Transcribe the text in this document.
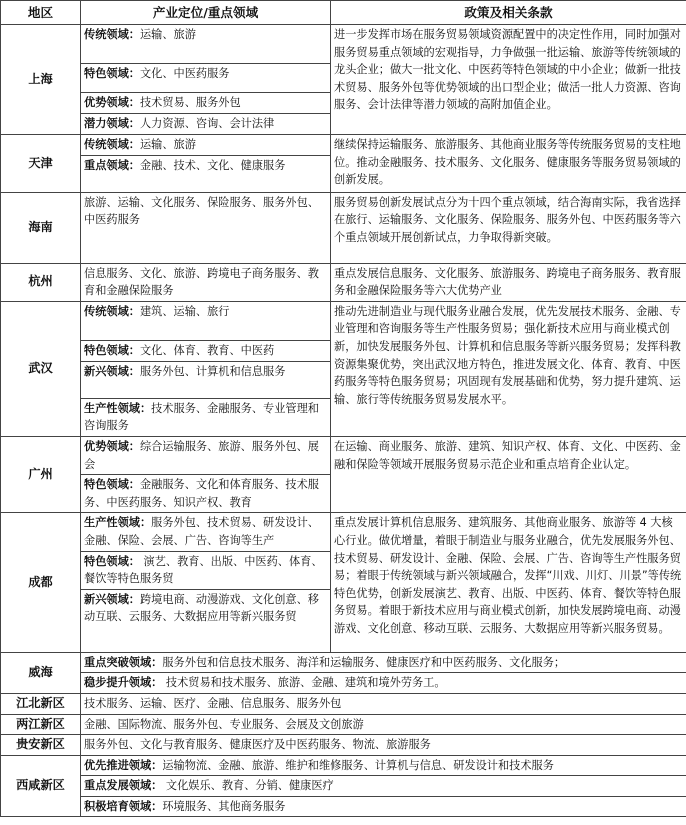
地区	产业定位/重点领域	政策及相关条款
上海	传统领域：运输、旅游	进一步发挥市场在服务贸易领域资源配置中的决定性作用，同时加强对服务贸易重点领域的宏观指导，力争做强一批运输、旅游等传统领域的龙头企业；做大一批文化、中医药等特色领域的中小企业；做新一批技术贸易、服务外包等优势领域的出口型企业；做活一批人力资源、咨询服务、会计法律等潜力领域的高附加值企业。
	特色领域：文化、中医药服务	
	优势领域：技术贸易、服务外包	
	潜力领域：人力资源、咨询、会计法律	
天津	传统领域：运输、旅游	继续保持运输服务、旅游服务、其他商业服务等传统服务贸易的支柱地位。推动金融服务、技术服务、文化服务、健康服务等服务贸易领域的创新发展。
	重点领域：金融、技术、文化、健康服务	
海南	旅游、运输、文化服务、保险服务、服务外包、中医药服务	服务贸易创新发展试点分为十四个重点领域，结合海南实际，我省选择在旅行、运输服务、文化服务、保险服务、服务外包、中医药服务等六个重点领域开展创新试点，力争取得新突破。
杭州	信息服务、文化、旅游、跨境电子商务服务、教育和金融保险服务	重点发展信息服务、文化服务、旅游服务、跨境电子商务服务、教育服务和金融保险服务等六大优势产业
武汉	传统领域：建筑、运输、旅行	推动先进制造业与现代服务业融合发展，优先发展技术服务、金融、专业管理和咨询服务等生产性服务贸易；强化新技术应用与商业模式创新，加快发展服务外包、计算机和信息服务等新兴服务贸易；发挥科教资源集聚优势，突出武汉地方特色，推进发展文化、体育、教育、中医药服务等特色服务贸易；巩固现有发展基础和优势，努力提升建筑、运输、旅行等传统服务贸易发展水平。
	特色领域：文化、体育、教育、中医药	
	新兴领域：服务外包、计算机和信息服务	
	生产性领域：技术服务、金融服务、专业管理和咨询服务	
广州	优势领域：综合运输服务、旅游、服务外包、展会	在运输、商业服务、旅游、建筑、知识产权、体育、文化、中医药、金融和保险等领域开展服务贸易示范企业和重点培育企业认定。
	特色领域：金融服务、文化和体育服务、技术服务、中医药服务、知识产权、教育	
成都	生产性领域：服务外包、技术贸易、研发设计、金融、保险、会展、广告、咨询等生产	重点发展计算机信息服务、建筑服务、其他商业服务、旅游等 4 大核心行业。做优增量，着眼于制造业与服务业融合，优先发展服务外包、技术贸易、研发设计、金融、保险、会展、广告、咨询等生产性服务贸易；着眼于传统领域与新兴领域融合，发挥“川戏、川灯、川景”等传统特色优势，创新发展演艺、教育、出版、中医药、体育、餐饮等特色服务贸易。着眼于新技术应用与商业模式创新，加快发展跨境电商、动漫游戏、文化创意、移动互联、云服务、大数据应用等新兴服务贸易。
	特色领域： 演艺、教育、出版、中医药、体育、餐饮等特色服务贸	
	新兴领域：跨境电商、动漫游戏、文化创意、移动互联、云服务、大数据应用等新兴服务贸	
威海	重点突破领域：服务外包和信息技术服务、海洋和运输服务、健康医疗和中医药服务、文化服务；	
	稳步提升领域： 技术贸易和技术服务、旅游、金融、建筑和境外劳务工。	
江北新区	技术服务、运输、医疗、金融、信息服务、服务外包	
两江新区	金融、国际物流、服务外包、专业服务、会展及文创旅游	
贵安新区	服务外包、文化与教育服务、健康医疗及中医药服务、物流、旅游服务	
西咸新区	优先推进领域：运输物流、金融、旅游、维护和维修服务、计算机与信息、研发设计和技术服务	
	重点发展领域： 文化娱乐、教育、分销、健康医疗	
	积极培育领域：环境服务、其他商务服务	
